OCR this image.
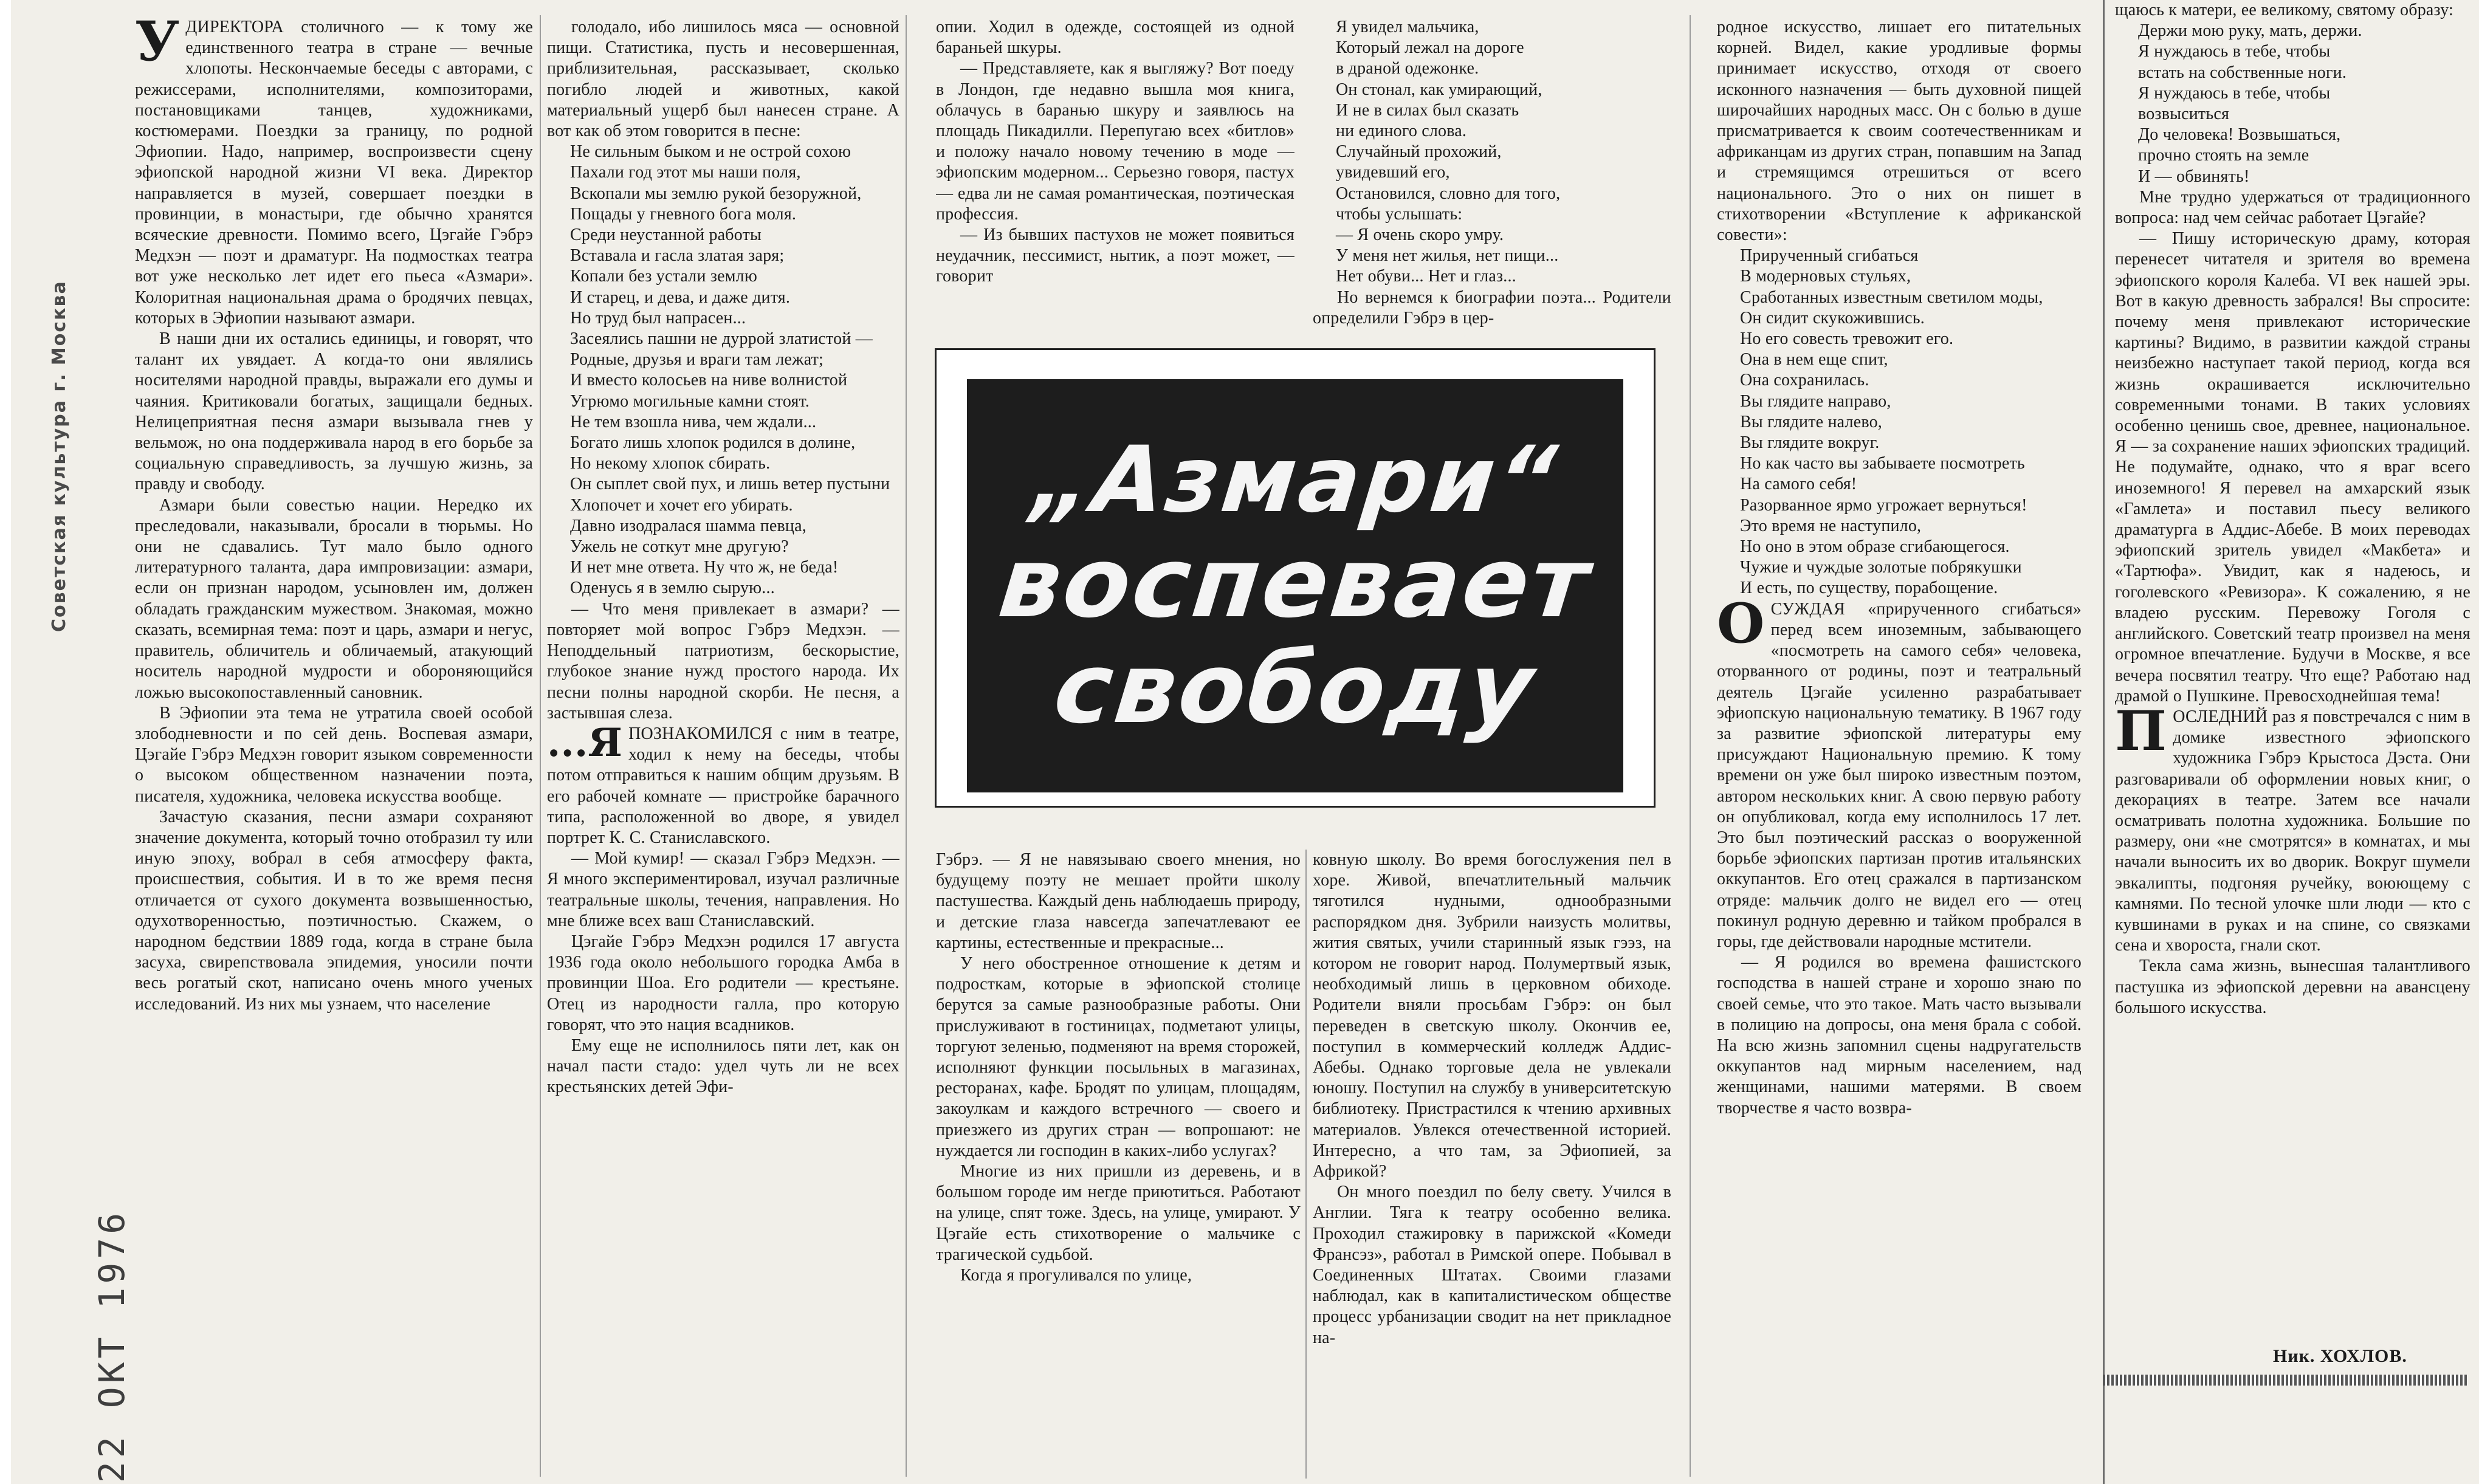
Советская культура г. Москва
22 ОКТ 1976

УДИРЕКТОРА столичного — к тому же единственного театра в стране — вечные хлопоты. Нескончаемые беседы с авторами, с режиссерами, исполнителями, композиторами, постановщиками танцев, художниками, костюмерами. Поездки за границу, по родной Эфиопии. Надо, например, воспроизвести сцену эфиопской народной жизни VI века. Директор направляется в музей, совершает поездки в провинции, в монастыри, где обычно хранятся всяческие древности. Помимо всего, Цэгайе Гэбрэ Медхэн — поэт и драматург. На подмостках театра вот уже несколько лет идет его пьеса «Азмари». Колоритная национальная драма о бродячих певцах, которых в Эфиопии называют азмари.

В наши дни их остались единицы, и говорят, что талант их увядает. А когда-то они являлись носителями народной правды, выражали его думы и чаяния. Критиковали богатых, защищали бедных. Нелицеприятная песня азмари вызывала гнев у вельмож, но она поддерживала народ в его борьбе за социальную справедливость, за лучшую жизнь, за правду и свободу.

Азмари были совестью нации. Нередко их преследовали, наказывали, бросали в тюрьмы. Но они не сдавались. Тут мало было одного литературного таланта, дара импровизации: азмари, если он признан народом, усыновлен им, должен обладать гражданским мужеством. Знакомая, можно сказать, всемирная тема: поэт и царь, азмари и негус, правитель, обличитель и обличаемый, атакующий носитель народной мудрости и обороняющийся ложью высокопоставленный сановник.

В Эфиопии эта тема не утратила своей особой злободневности и по сей день. Воспевая азмари, Цэгайе Гэбрэ Медхэн говорит языком современности о высоком общественном назначении поэта, писателя, художника, человека искусства вообще.

Зачастую сказания, песни азмари сохраняют значение документа, который точно отобразил ту или иную эпоху, вобрал в себя атмосферу факта, происшествия, события. И в то же время песня отличается от сухого документа возвышенностью, одухотворенностью, поэтичностью. Скажем, о народном бедствии 1889 года, когда в стране была засуха, свирепствовала эпидемия, уносили почти весь рогатый скот, написано очень много ученых исследований. Из них мы узнаем, что население

голодало, ибо лишилось мяса — основной пищи. Статистика, пусть и несовершенная, приблизительная, рассказывает, сколько погибло людей и животных, какой материальный ущерб был нанесен стране. А вот как об этом говорится в песне:

Не сильным быком и не острой сохою
Пахали год этот мы наши поля,
Вскопали мы землю рукой безоружной,
Пощады у гневного бога моля.
Среди неустанной работы
Вставала и гасла златая заря;
Копали без устали землю
И старец, и дева, и даже дитя.
Но труд был напрасен...
Засеялись пашни не дуррой златистой —
Родные, друзья и враги там лежат;
И вместо колосьев на ниве волнистой
Угрюмо могильные камни стоят.
Не тем взошла нива, чем ждали...
Богато лишь хлопок родился в долине,
Но некому хлопок сбирать.
Он сыплет свой пух, и лишь ветер пустыни
Хлопочет и хочет его убирать.
Давно изодралася шамма певца,
Ужель не соткут мне другую?
И нет мне ответа. Ну что ж, не беда!
Оденусь я в землю сырую...

— Что меня привлекает в азмари? — повторяет мой вопрос Гэбрэ Медхэн. — Неподдельный патриотизм, бескорыстие, глубокое знание нужд простого народа. Их песни полны народной скорби. Не песня, а застывшая слеза.

...Я ПОЗНАКОМИЛСЯ с ним в театре, ходил к нему на беседы, чтобы потом отправиться к нашим общим друзьям. В его рабочей комнате — пристройке барачного типа, расположенной во дворе, я увидел портрет К. С. Станиславского.

— Мой кумир! — сказал Гэбрэ Медхэн. — Я много экспериментировал, изучал различные театральные школы, течения, направления. Но мне ближе всех ваш Станиславский.

Цэгайе Гэбрэ Медхэн родился 17 августа 1936 года около небольшого городка Амба в провинции Шоа. Его родители — крестьяне. Отец из народности галла, про которую говорят, что это нация всадников.

Ему еще не исполнилось пяти лет, как он начал пасти стадо: удел чуть ли не всех крестьянских детей Эфи-

опии. Ходил в одежде, состоящей из одной бараньей шкуры.

— Представляете, как я выгляжу? Вот поеду в Лондон, где недавно вышла моя книга, облачусь в баранью шкуру и заявлюсь на площадь Пикадилли. Перепугаю всех «битлов» и положу начало новому течению в моде — эфиопским модерном... Серьезно говоря, пастух — едва ли не самая романтическая, поэтическая профессия.

— Из бывших пастухов не может появиться неудачник, пессимист, нытик, а поэт может, — говорит

Я увидел мальчика,
Который лежал на дороге
в драной одежонке.
Он стонал, как умирающий,
И не в силах был сказать
ни единого слова.
Случайный прохожий,
увидевший его,
Остановился, словно для того,
чтобы услышать:
— Я очень скоро умру.
У меня нет жилья, нет пищи...
Нет обуви... Нет и глаз...

Но вернемся к биографии поэта... Родители определили Гэбрэ в цер-

„Азмари“
воспевает
свободу

Гэбрэ. — Я не навязываю своего мнения, но будущему поэту не мешает пройти школу пастушества. Каждый день наблюдаешь природу, и детские глаза навсегда запечатлевают ее картины, естественные и прекрасные...

У него обостренное отношение к детям и подросткам, которые в эфиопской столице берутся за самые разнообразные работы. Они прислуживают в гостиницах, подметают улицы, торгуют зеленью, подменяют на время сторожей, исполняют функции посыльных в магазинах, ресторанах, кафе. Бродят по улицам, площадям, закоулкам и каждого встречного — своего и приезжего из других стран — вопрошают: не нуждается ли господин в каких-либо услугах?

Многие из них пришли из деревень, и в большом городе им негде приютиться. Работают на улице, спят тоже. Здесь, на улице, умирают. У Цэгайе есть стихотворение о мальчике с трагической судьбой.

Когда я прогуливался по улице,

ковную школу. Во время богослужения пел в хоре. Живой, впечатлительный мальчик тяготился нудными, однообразными распорядком дня. Зубрили наизусть молитвы, жития святых, учили старинный язык гээз, на котором не говорит народ. Полумертвый язык, необходимый лишь в церковном обиходе. Родители вняли просьбам Гэбрэ: он был переведен в светскую школу. Окончив ее, поступил в коммерческий колледж Аддис-Абебы. Однако торговые дела не увлекали юношу. Поступил на службу в университетскую библиотеку. Пристрастился к чтению архивных материалов. Увлекся отечественной историей. Интересно, а что там, за Эфиопией, за Африкой?

Он много поездил по белу свету. Учился в Англии. Тяга к театру особенно велика. Проходил стажировку в парижской «Комеди Франсэз», работал в Римской опере. Побывал в Соединенных Штатах. Своими глазами наблюдал, как в капиталистическом обществе процесс урбанизации сводит на нет прикладное на-

родное искусство, лишает его питательных корней. Видел, какие уродливые формы принимает искусство, отходя от своего исконного назначения — быть духовной пищей широчайших народных масс. Он с болью в душе присматривается к своим соотечественникам и африканцам из других стран, попавшим на Запад и стремящимся отрешиться от всего национального. Это о них он пишет в стихотворении «Вступление к африканской совести»:

Прирученный сгибаться
В модерновых стульях,
Сработанных известным светилом моды,
Он сидит скукожившись.
Но его совесть тревожит его.
Она в нем еще спит,
Она сохранилась.
Вы глядите направо,
Вы глядите налево,
Вы глядите вокруг.
Но как часто вы забываете посмотреть
На самого себя!
Разорванное ярмо угрожает вернуться!
Это время не наступило,
Но оно в этом образе сгибающегося.
Чужие и чуждые золотые побрякушки
И есть, по существу, порабощение.

ОСУЖДАЯ «прирученного сгибаться» перед всем иноземным, забывающего «посмотреть на самого себя» человека, оторванного от родины, поэт и театральный деятель Цэгайе усиленно разрабатывает эфиопскую национальную тематику. В 1967 году за развитие эфиопской литературы ему присуждают Национальную премию. К тому времени он уже был широко известным поэтом, автором нескольких книг. А свою первую работу он опубликовал, когда ему исполнилось 17 лет. Это был поэтический рассказ о вооруженной борьбе эфиопских партизан против итальянских оккупантов. Его отец сражался в партизанском отряде: мальчик долго не видел его — отец покинул родную деревню и тайком пробрался в горы, где действовали народные мстители.

— Я родился во времена фашистского господства в нашей стране и хорошо знаю по своей семье, что это такое. Мать часто вызывали в полицию на допросы, она меня брала с собой. На всю жизнь запомнил сцены надругательств оккупантов над мирным населением, над женщинами, нашими матерями. В своем творчестве я часто возвра-

щаюсь к матери, ее великому, святому образу:

Держи мою руку, мать, держи.
Я нуждаюсь в тебе, чтобы
встать на собственные ноги.
Я нуждаюсь в тебе, чтобы
возвыситься
До человека! Возвышаться,
прочно стоять на земле
И — обвинять!

Мне трудно удержаться от традиционного вопроса: над чем сейчас работает Цэгайе?

— Пишу историческую драму, которая перенесет читателя и зрителя во времена эфиопского короля Калеба. VI век нашей эры. Вот в какую древность забрался! Вы спросите: почему меня привлекают исторические картины? Видимо, в развитии каждой страны неизбежно наступает такой период, когда вся жизнь окрашивается исключительно современными тонами. В таких условиях особенно ценишь свое, древнее, национальное. Я — за сохранение наших эфиопских традиций. Не подумайте, однако, что я враг всего иноземного! Я перевел на амхарский язык «Гамлета» и поставил пьесу великого драматурга в Аддис-Абебе. В моих переводах эфиопский зритель увидел «Макбета» и «Тартюфа». Увидит, как я надеюсь, и гоголевского «Ревизора». К сожалению, я не владею русским. Перевожу Гоголя с английского. Советский театр произвел на меня огромное впечатление. Будучи в Москве, я все вечера посвятил театру. Что еще? Работаю над драмой о Пушкине. Превосходнейшая тема!

ПОСЛЕДНИЙ раз я повстречался с ним в домике известного эфиопского художника Гэбрэ Крыстоса Дэста. Они разговаривали об оформлении новых книг, о декорациях в театре. Затем все начали осматривать полотна художника. Большие по размеру, они «не смотрятся» в комнатах, и мы начали выносить их во дворик. Вокруг шумели эвкалипты, подгоняя ручейку, воюющему с камнями. По тесной улочке шли люди — кто с кувшинами в руках и на спине, со связками сена и хвороста, гнали скот.

Текла сама жизнь, вынесшая талантливого пастушка из эфиопской деревни на авансцену большого искусства.

Ник. ХОХЛОВ.
